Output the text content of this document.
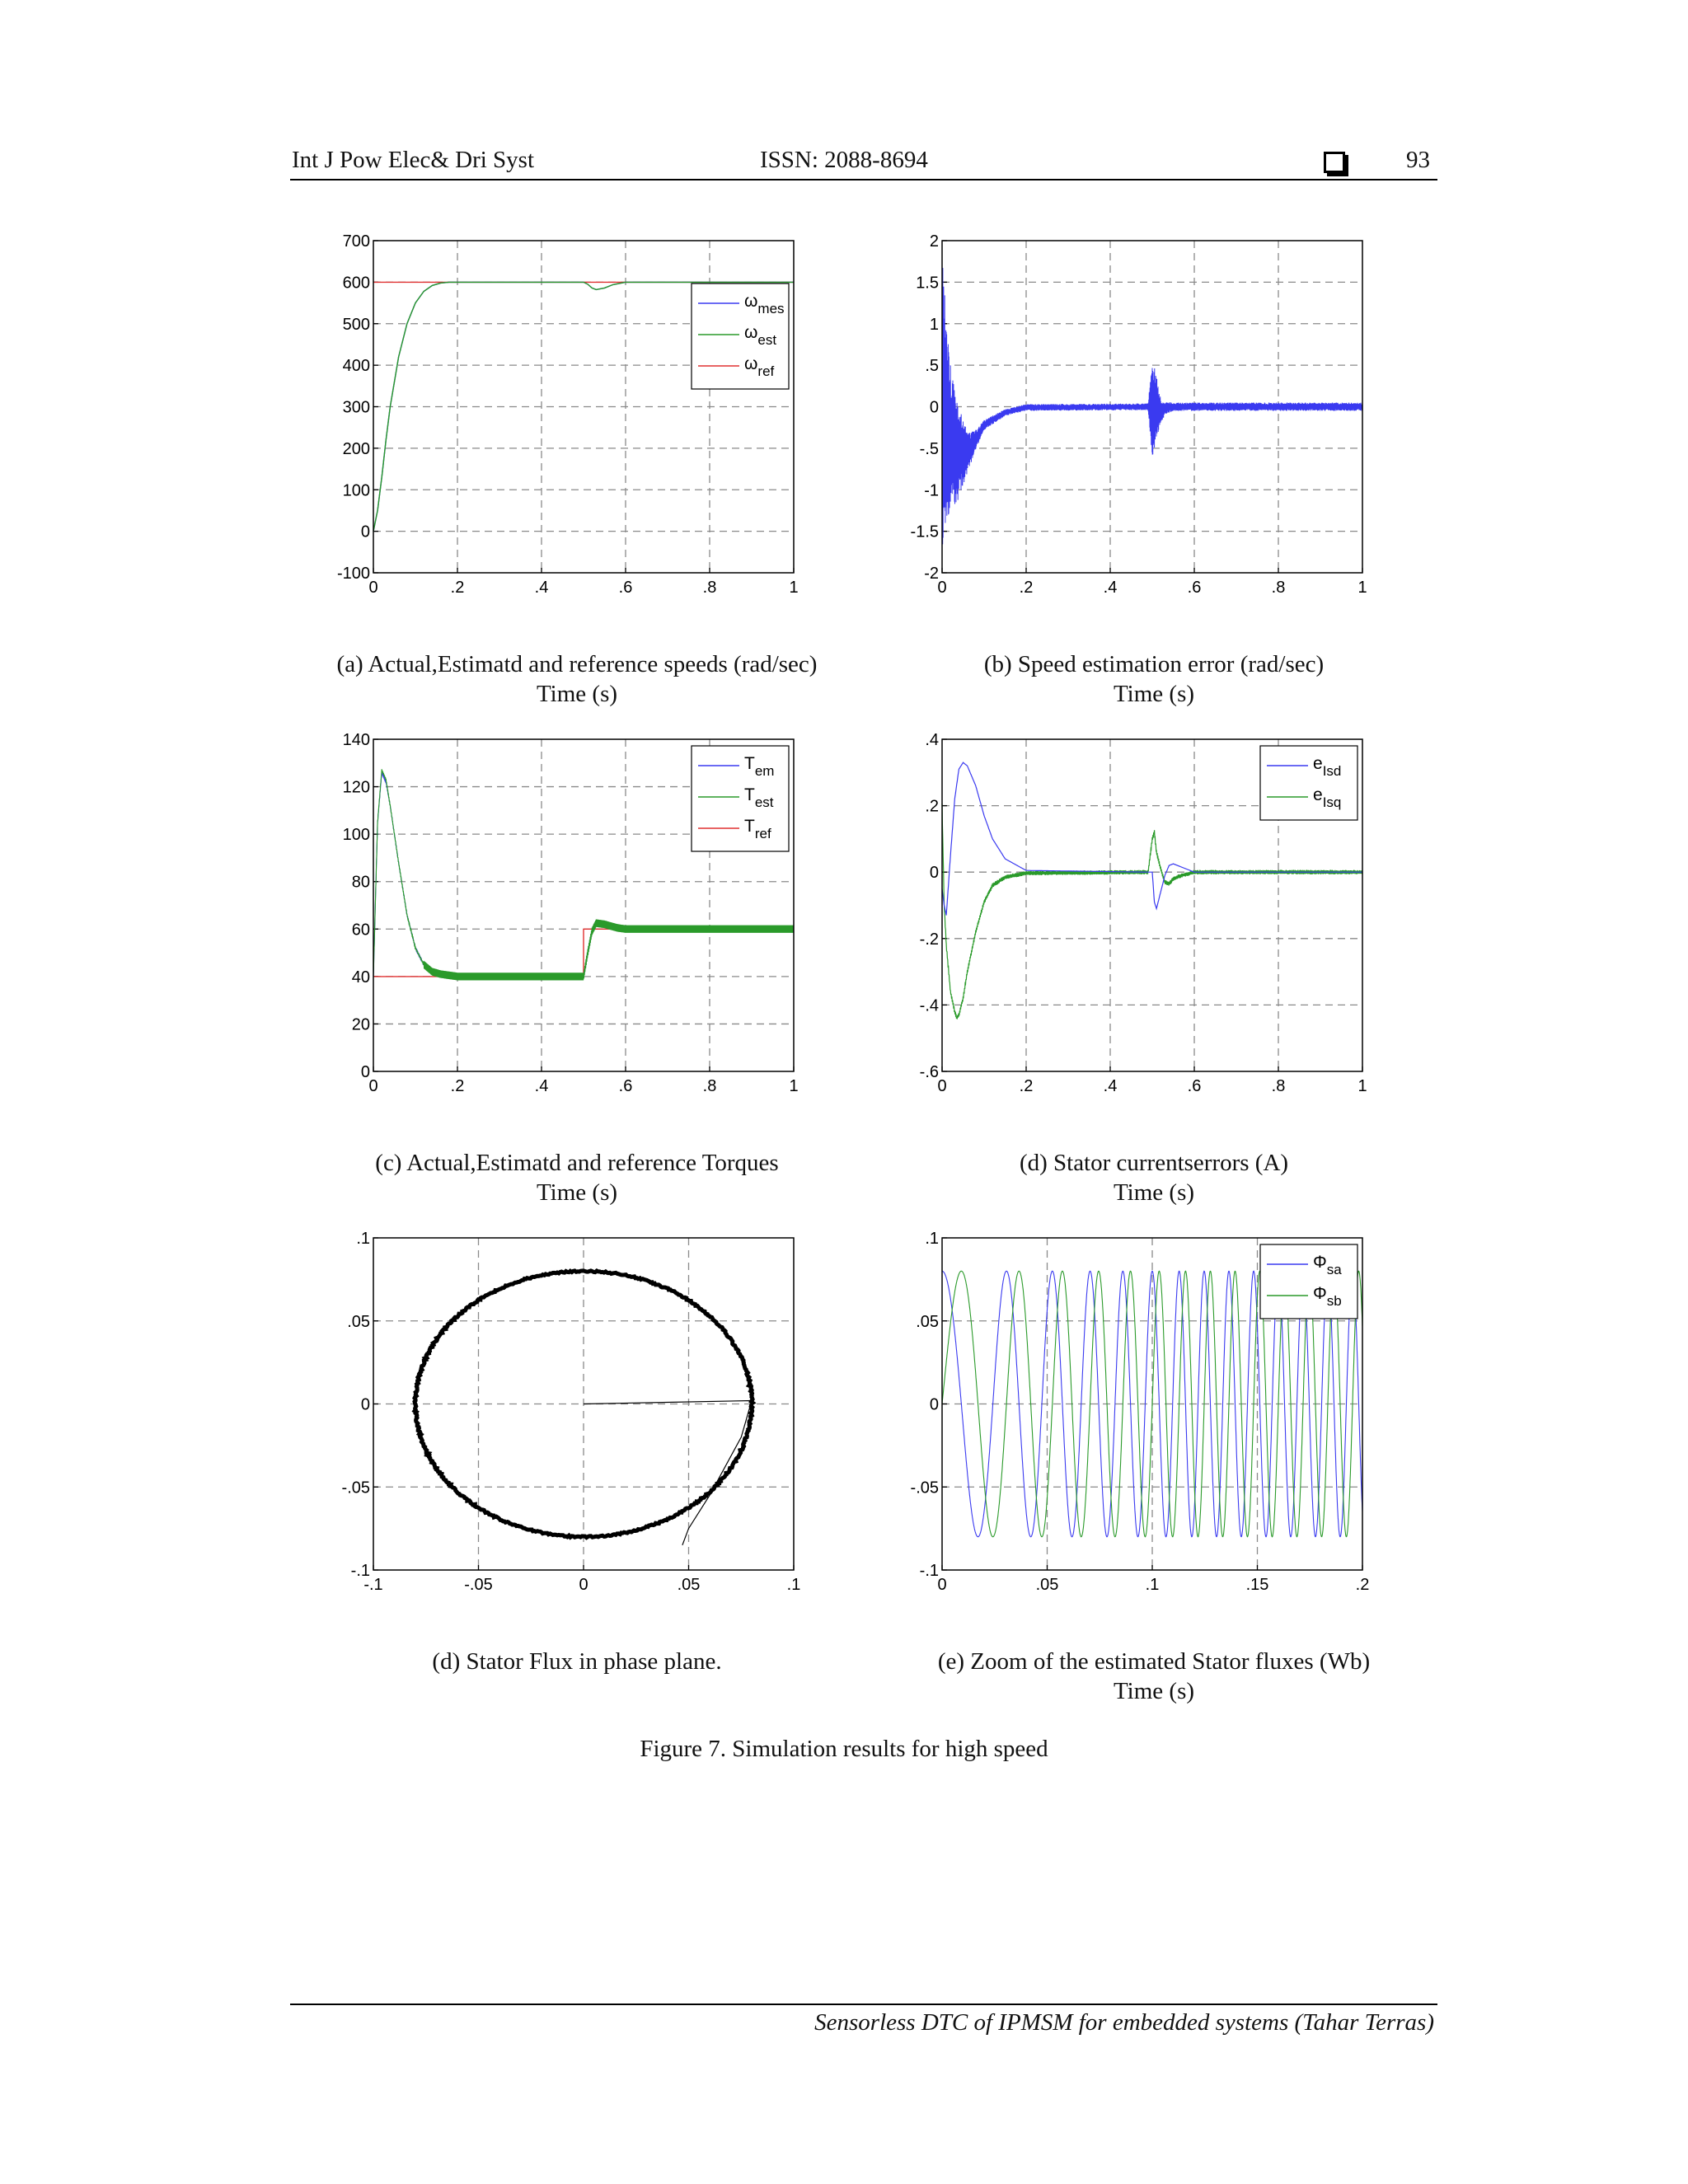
Int J Pow Elec& Dri Syst	ISSN: 2088-8694	93
0	.2	.4	.6	.8	1
-100
0
100
200
300
400
500
600
700
$\omega_{mes}$
$\omega_{est}$
$\omega_{ref}$
0	.2	.4	.6	.8	1
-2
-1.5
-1
-.5
0
.5
1
1.5
2
0	.2	.4	.6	.8	1
0
20
40
60
80
100
120
140
$T_{em}$
$T_{est}$
$T_{ref}$
0	.2	.4	.6	.8	1
-.6
-.4
-.2
0
.2
.4
$e_{Isd}$
$e_{Isq}$
-.1	-.05	0	.05	.1
-.1
-.05
0
.05
.1
0	.05	.1	.15	.2
-.1
-.05
0
.05
.1
$\Phi_{sa}$
$\Phi_{sb}$
(a) Actual,Estimatd and reference speeds (rad/sec)
Time (s)
(b) Speed estimation error (rad/sec)
Time (s)
(c) Actual,Estimatd and reference Torques
Time (s)
(d) Stator currentserrors (A)
Time (s)
(d) Stator Flux in phase plane.	(e) Zoom of the estimated Stator fluxes (Wb)
Time (s)
Figure 7. Simulation results for high speed
Sensorless DTC of IPMSM for embedded systems (Tahar Terras)
